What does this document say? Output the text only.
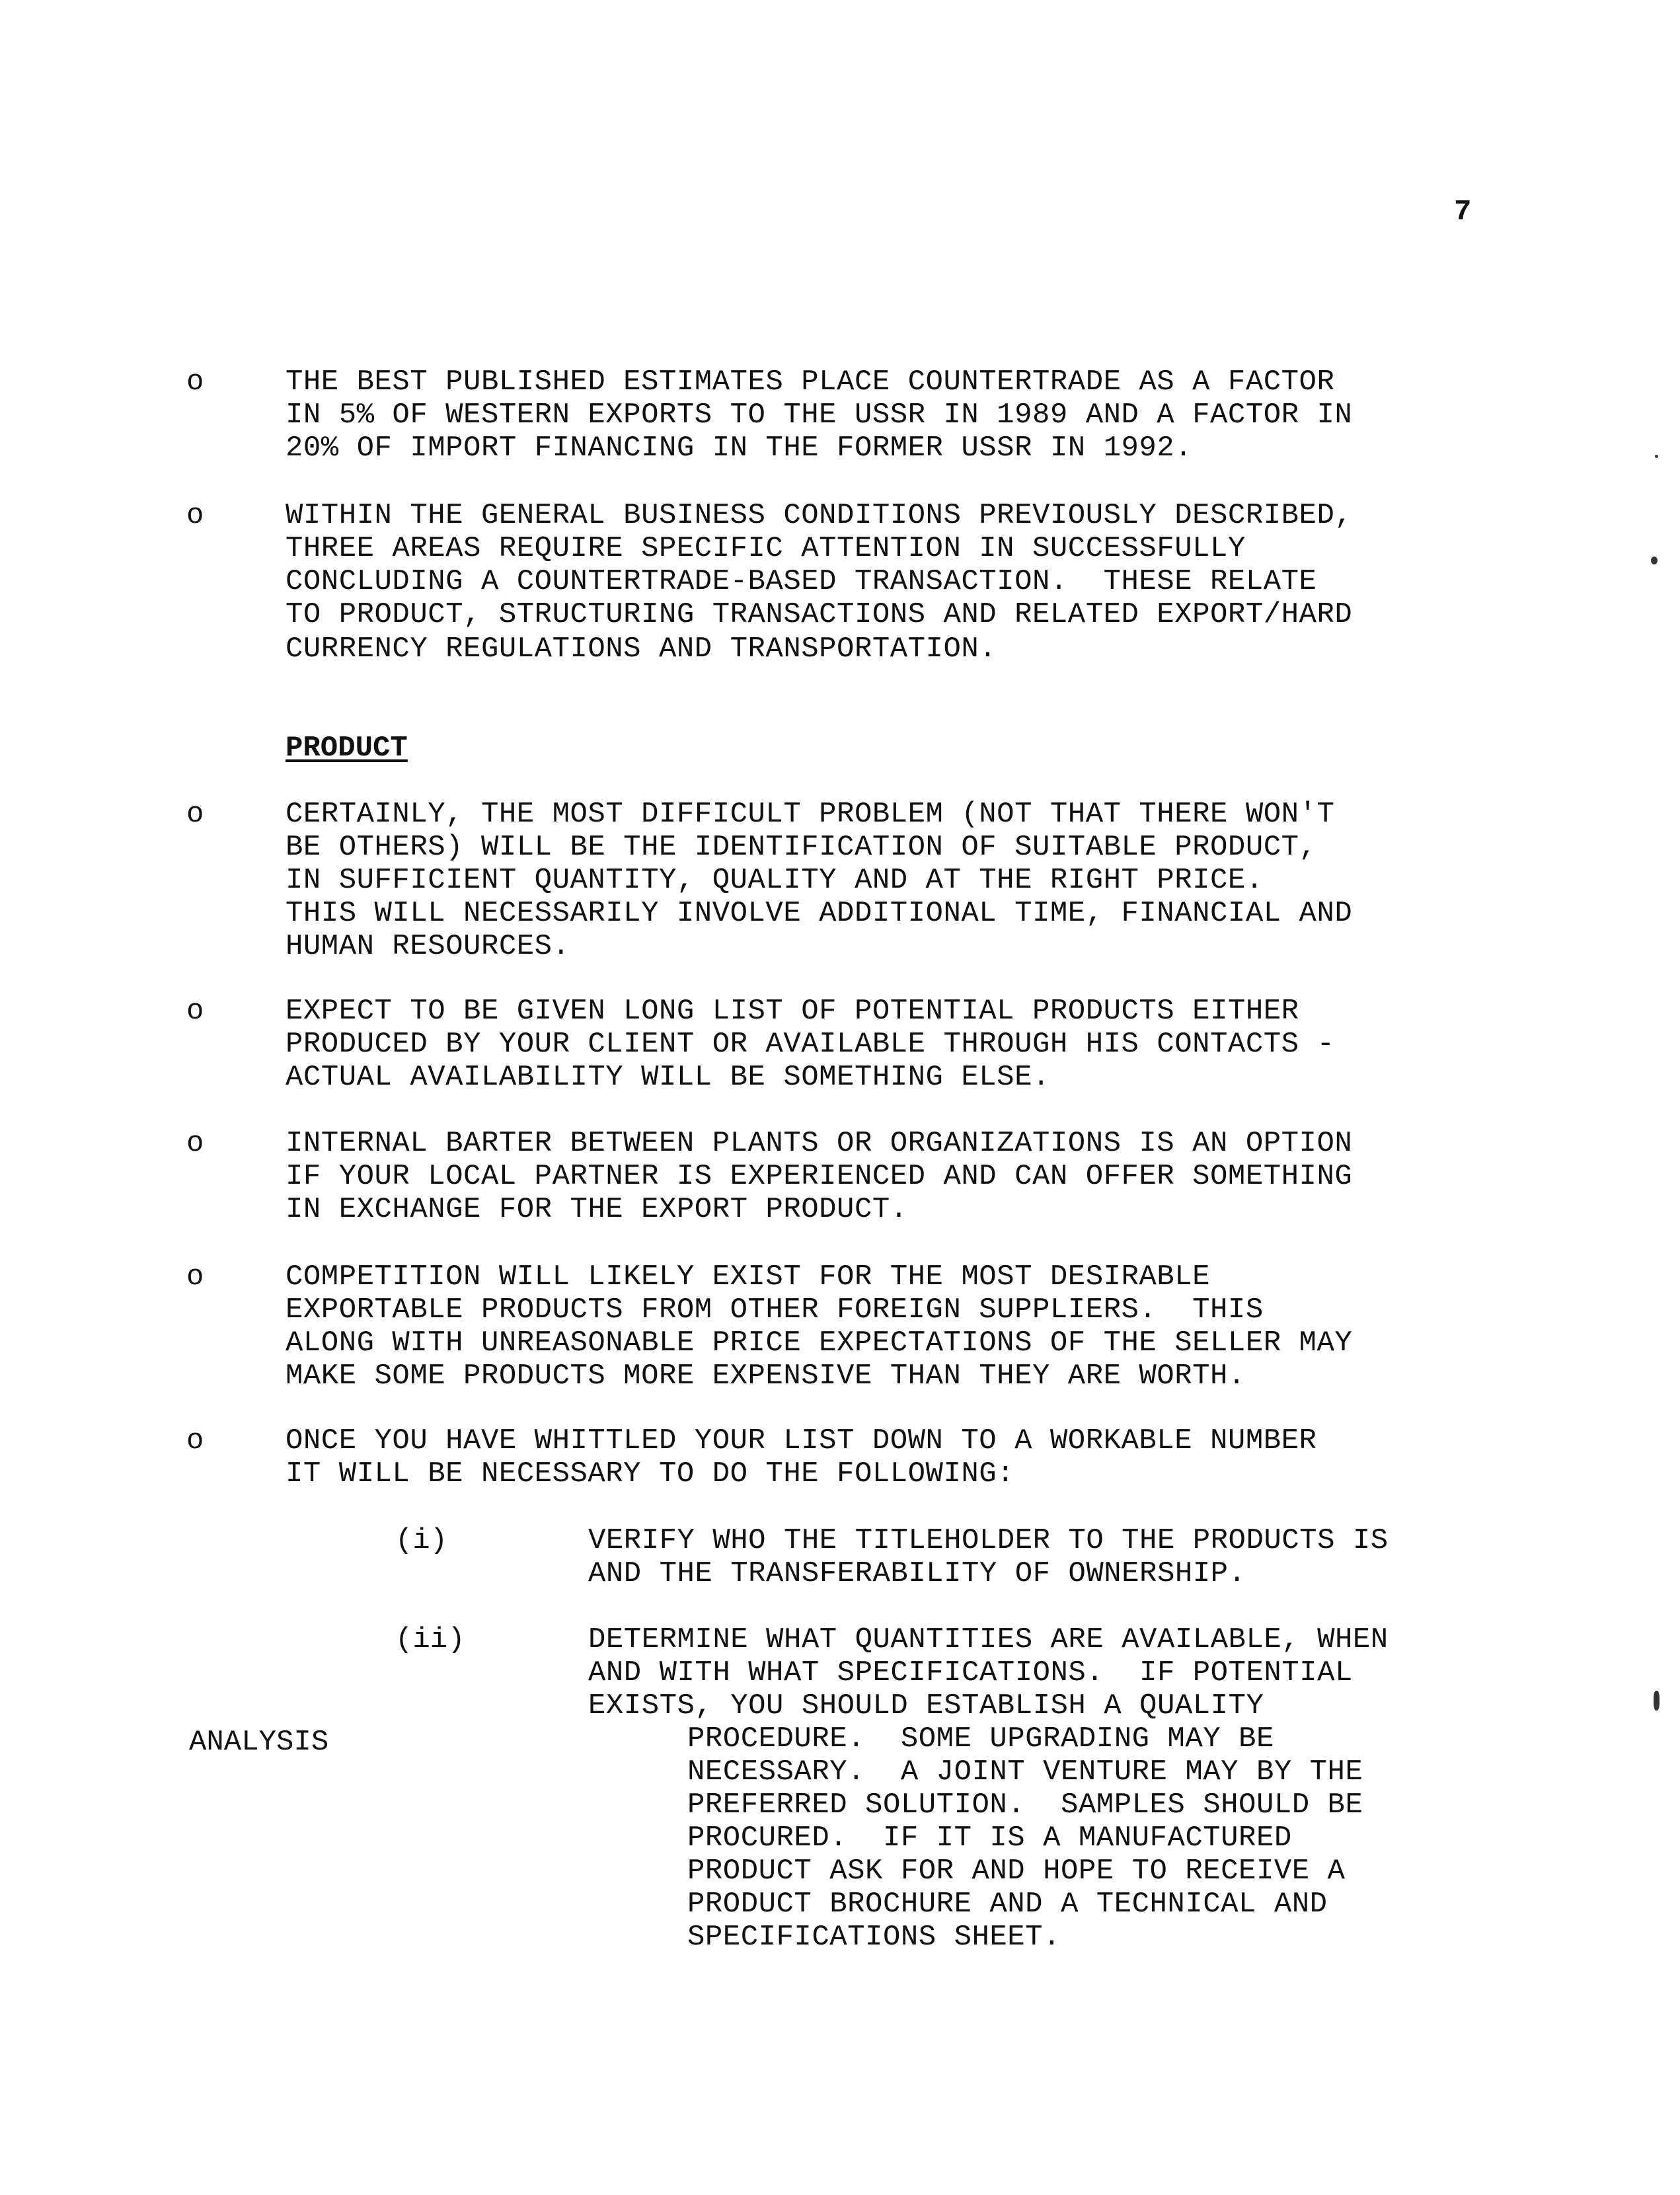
7
o	THE BEST PUBLISHED ESTIMATES PLACE COUNTERTRADE AS A FACTOR
IN 5% OF WESTERN EXPORTS TO THE USSR IN 1989 AND A FACTOR IN
20% OF IMPORT FINANCING IN THE FORMER USSR IN 1992.
o	WITHIN THE GENERAL BUSINESS CONDITIONS PREVIOUSLY DESCRIBED,
THREE AREAS REQUIRE SPECIFIC ATTENTION IN SUCCESSFULLY
CONCLUDING A COUNTERTRADE-BASED TRANSACTION.  THESE RELATE
TO PRODUCT, STRUCTURING TRANSACTIONS AND RELATED EXPORT/HARD
CURRENCY REGULATIONS AND TRANSPORTATION.
PRODUCT
o	CERTAINLY, THE MOST DIFFICULT PROBLEM (NOT THAT THERE WON'T
BE OTHERS) WILL BE THE IDENTIFICATION OF SUITABLE PRODUCT,
IN SUFFICIENT QUANTITY, QUALITY AND AT THE RIGHT PRICE.
THIS WILL NECESSARILY INVOLVE ADDITIONAL TIME, FINANCIAL AND
HUMAN RESOURCES.
o	EXPECT TO BE GIVEN LONG LIST OF POTENTIAL PRODUCTS EITHER
PRODUCED BY YOUR CLIENT OR AVAILABLE THROUGH HIS CONTACTS -
ACTUAL AVAILABILITY WILL BE SOMETHING ELSE.
o	INTERNAL BARTER BETWEEN PLANTS OR ORGANIZATIONS IS AN OPTION
IF YOUR LOCAL PARTNER IS EXPERIENCED AND CAN OFFER SOMETHING
IN EXCHANGE FOR THE EXPORT PRODUCT.
o	COMPETITION WILL LIKELY EXIST FOR THE MOST DESIRABLE
EXPORTABLE PRODUCTS FROM OTHER FOREIGN SUPPLIERS.  THIS
ALONG WITH UNREASONABLE PRICE EXPECTATIONS OF THE SELLER MAY
MAKE SOME PRODUCTS MORE EXPENSIVE THAN THEY ARE WORTH.
o	ONCE YOU HAVE WHITTLED YOUR LIST DOWN TO A WORKABLE NUMBER
IT WILL BE NECESSARY TO DO THE FOLLOWING:
(i)	VERIFY WHO THE TITLEHOLDER TO THE PRODUCTS IS
AND THE TRANSFERABILITY OF OWNERSHIP.
(ii)	DETERMINE WHAT QUANTITIES ARE AVAILABLE, WHEN
AND WITH WHAT SPECIFICATIONS.  IF POTENTIAL
EXISTS, YOU SHOULD ESTABLISH A QUALITY
ANALYSIS	PROCEDURE.  SOME UPGRADING MAY BE
NECESSARY.  A JOINT VENTURE MAY BY THE
PREFERRED SOLUTION.  SAMPLES SHOULD BE
PROCURED.  IF IT IS A MANUFACTURED
PRODUCT ASK FOR AND HOPE TO RECEIVE A
PRODUCT BROCHURE AND A TECHNICAL AND
SPECIFICATIONS SHEET.
